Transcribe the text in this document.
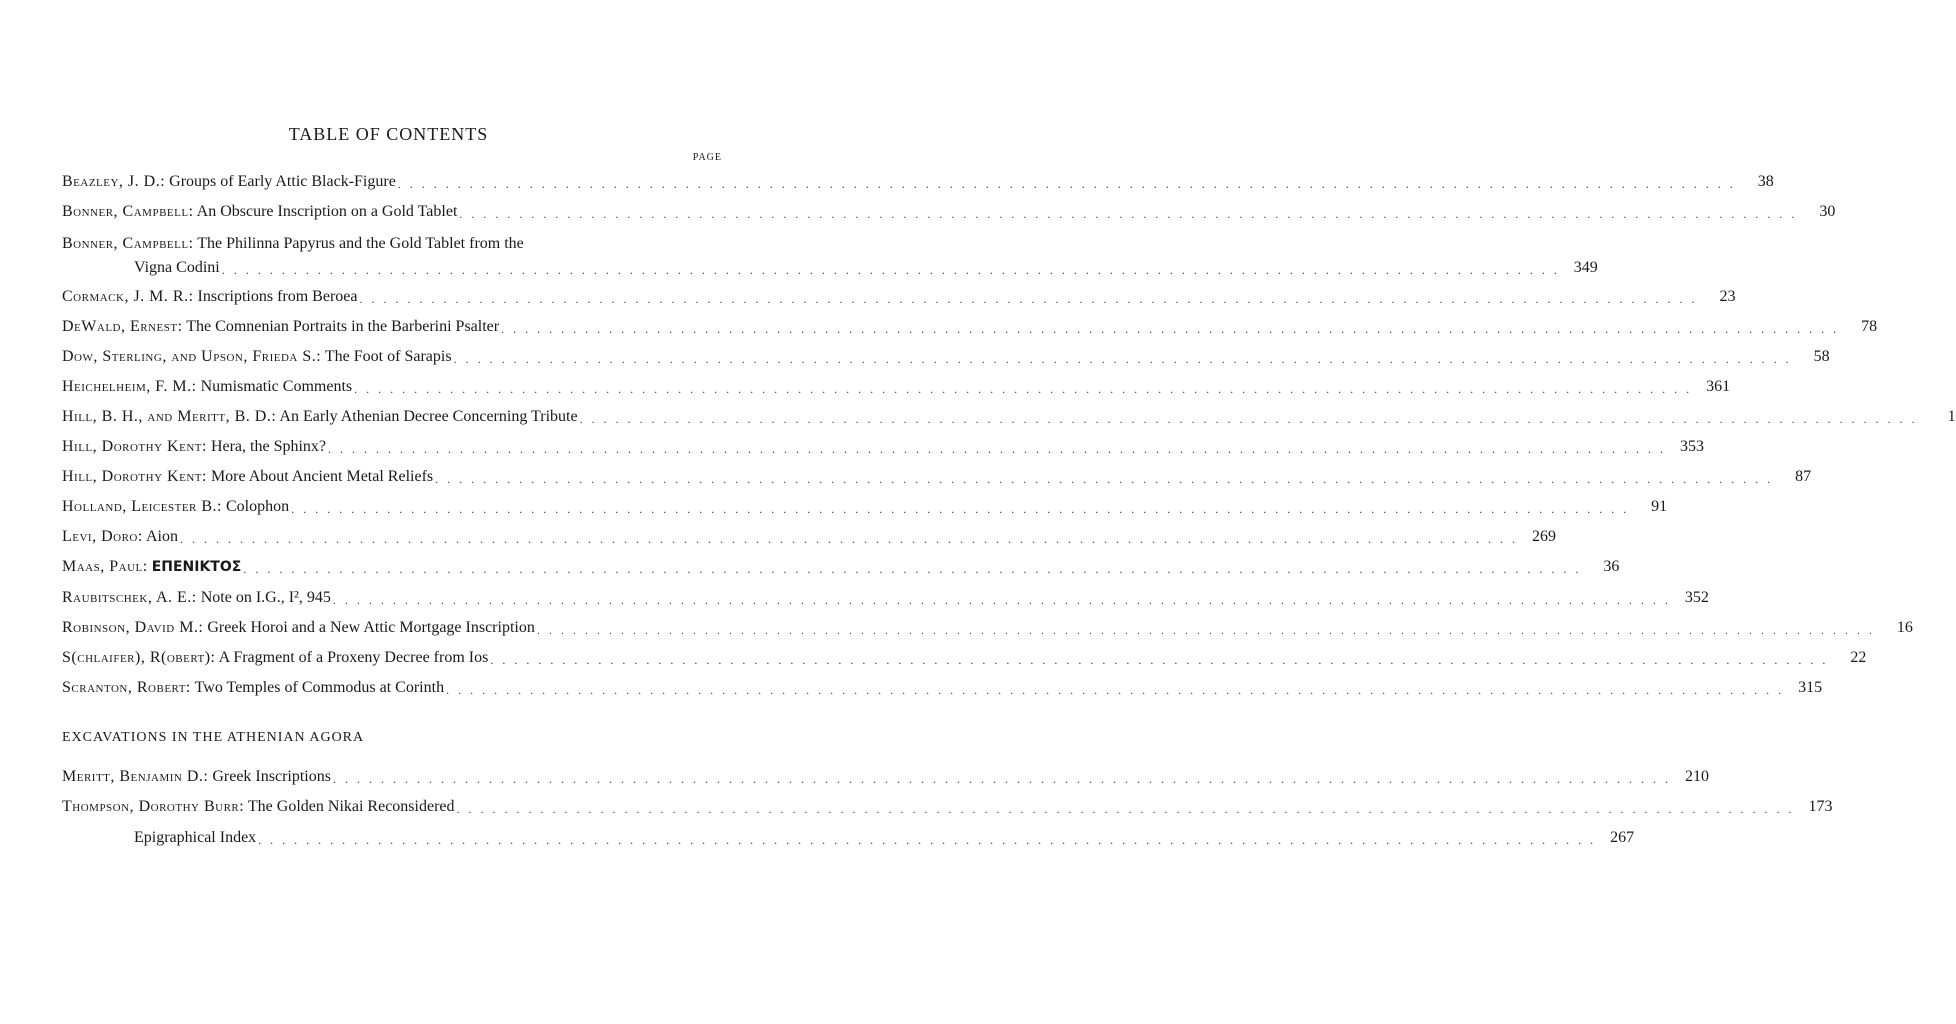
TABLE OF CONTENTS
PAGE
Beazley, J. D.: Groups of Early Attic Black-Figure . . . . . . . . . . . . . . . . . . . . . . . . . . . . . . . . . . . . . . . . . . . . . . . . . . . . . . . . . . . . . . . . . . . . . . . . . . . . . . . . . . . . . . . . . . . . . . . . . . . . . . . . . . . . . . . .	38
Bonner, Campbell: An Obscure Inscription on a Gold Tablet . . . . . . . . . . . . . . . . . . . . . . . . . . . . . . . . . . . . . . . . . . . . . . . . . . . . . . . . . . . . . . . . . . . . . . . . . . . . . . . . . . . . . . . . . . . . . . . . . . . . . . . . . . . . . . . .	30
Bonner, Campbell: The Philinna Papyrus and the Gold Tablet from the
Vigna Codini . . . . . . . . . . . . . . . . . . . . . . . . . . . . . . . . . . . . . . . . . . . . . . . . . . . . . . . . . . . . . . . . . . . . . . . . . . . . . . . . . . . . . . . . . . . . . . . . . . . . . . . . . . . . . . . . 349
Cormack, J. M. R.: Inscriptions from Beroea . . . . . . . . . . . . . . . . . . . . . . . . . . . . . . . . . . . . . . . . . . . . . . . . . . . . . . . . . . . . . . . . . . . . . . . . . . . . . . . . . . . . . . . . . . . . . . . . . . . . . . . . . . . . . . . .	23
DeWald, Ernest: The Comnenian Portraits in the Barberini Psalter . . . . . . . . . . . . . . . . . . . . . . . . . . . . . . . . . . . . . . . . . . . . . . . . . . . . . . . . . . . . . . . . . . . . . . . . . . . . . . . . . . . . . . . . . . . . . . . . . . . . . . . . . . . . . . . .	78
Dow, Sterling, and Upson, Frieda S.: The Foot of Sarapis . . . . . . . . . . . . . . . . . . . . . . . . . . . . . . . . . . . . . . . . . . . . . . . . . . . . . . . . . . . . . . . . . . . . . . . . . . . . . . . . . . . . . . . . . . . . . . . . . . . . . . . . . . . . . . . .	58
Heichelheim, F. M.: Numismatic Comments . . . . . . . . . . . . . . . . . . . . . . . . . . . . . . . . . . . . . . . . . . . . . . . . . . . . . . . . . . . . . . . . . . . . . . . . . . . . . . . . . . . . . . . . . . . . . . . . . . . . . . . . . . . . . . . . 361
Hill, B. H., and Meritt, B. D.: An Early Athenian Decree Concerning Tribute . . . . . . . . . . . . . . . . . . . . . . . . . . . . . . . . . . . . . . . . . . . . . . . . . . . . . . . . . . . . . . . . . . . . . . . . . . . . . . . . . . . . . . . . . . . . . . . . . . . . . . . . . . . . . . . .	1
Hill, Dorothy Kent: Hera, the Sphinx? . . . . . . . . . . . . . . . . . . . . . . . . . . . . . . . . . . . . . . . . . . . . . . . . . . . . . . . . . . . . . . . . . . . . . . . . . . . . . . . . . . . . . . . . . . . . . . . . . . . . . . . . . . . . . . . . 353
Hill, Dorothy Kent: More About Ancient Metal Reliefs . . . . . . . . . . . . . . . . . . . . . . . . . . . . . . . . . . . . . . . . . . . . . . . . . . . . . . . . . . . . . . . . . . . . . . . . . . . . . . . . . . . . . . . . . . . . . . . . . . . . . . . . . . . . . . . .	87
Holland, Leicester B.: Colophon . . . . . . . . . . . . . . . . . . . . . . . . . . . . . . . . . . . . . . . . . . . . . . . . . . . . . . . . . . . . . . . . . . . . . . . . . . . . . . . . . . . . . . . . . . . . . . . . . . . . . . . . . . . . . . . .	91
Levi, Doro: Aion . . . . . . . . . . . . . . . . . . . . . . . . . . . . . . . . . . . . . . . . . . . . . . . . . . . . . . . . . . . . . . . . . . . . . . . . . . . . . . . . . . . . . . . . . . . . . . . . . . . . . . . . . . . . . . . . 269
Maas, Paul: ΕΠΕΝΙΚΤΟΣ . . . . . . . . . . . . . . . . . . . . . . . . . . . . . . . . . . . . . . . . . . . . . . . . . . . . . . . . . . . . . . . . . . . . . . . . . . . . . . . . . . . . . . . . . . . . . . . . . . . . . . . . . . . . . . . .	36
Raubitschek, A. E.: Note on I.G., I², 945 . . . . . . . . . . . . . . . . . . . . . . . . . . . . . . . . . . . . . . . . . . . . . . . . . . . . . . . . . . . . . . . . . . . . . . . . . . . . . . . . . . . . . . . . . . . . . . . . . . . . . . . . . . . . . . . . 352
Robinson, David M.: Greek Horoi and a New Attic Mortgage Inscription . . . . . . . . . . . . . . . . . . . . . . . . . . . . . . . . . . . . . . . . . . . . . . . . . . . . . . . . . . . . . . . . . . . . . . . . . . . . . . . . . . . . . . . . . . . . . . . . . . . . . . . . . . . . . . . .	16
S(chlaifer), R(obert): A Fragment of a Proxeny Decree from Ios . . . . . . . . . . . . . . . . . . . . . . . . . . . . . . . . . . . . . . . . . . . . . . . . . . . . . . . . . . . . . . . . . . . . . . . . . . . . . . . . . . . . . . . . . . . . . . . . . . . . . . . . . . . . . . . .	22
Scranton, Robert: Two Temples of Commodus at Corinth . . . . . . . . . . . . . . . . . . . . . . . . . . . . . . . . . . . . . . . . . . . . . . . . . . . . . . . . . . . . . . . . . . . . . . . . . . . . . . . . . . . . . . . . . . . . . . . . . . . . . . . . . . . . . . . . 315
EXCAVATIONS IN THE ATHENIAN AGORA
Meritt, Benjamin D.: Greek Inscriptions . . . . . . . . . . . . . . . . . . . . . . . . . . . . . . . . . . . . . . . . . . . . . . . . . . . . . . . . . . . . . . . . . . . . . . . . . . . . . . . . . . . . . . . . . . . . . . . . . . . . . . . . . . . . . . . . 210
Thompson, Dorothy Burr: The Golden Nikai Reconsidered . . . . . . . . . . . . . . . . . . . . . . . . . . . . . . . . . . . . . . . . . . . . . . . . . . . . . . . . . . . . . . . . . . . . . . . . . . . . . . . . . . . . . . . . . . . . . . . . . . . . . . . . . . . . . . . . 173
Epigraphical Index . . . . . . . . . . . . . . . . . . . . . . . . . . . . . . . . . . . . . . . . . . . . . . . . . . . . . . . . . . . . . . . . . . . . . . . . . . . . . . . . . . . . . . . . . . . . . . . . . . . . . . . . . . . . . . . . 267
